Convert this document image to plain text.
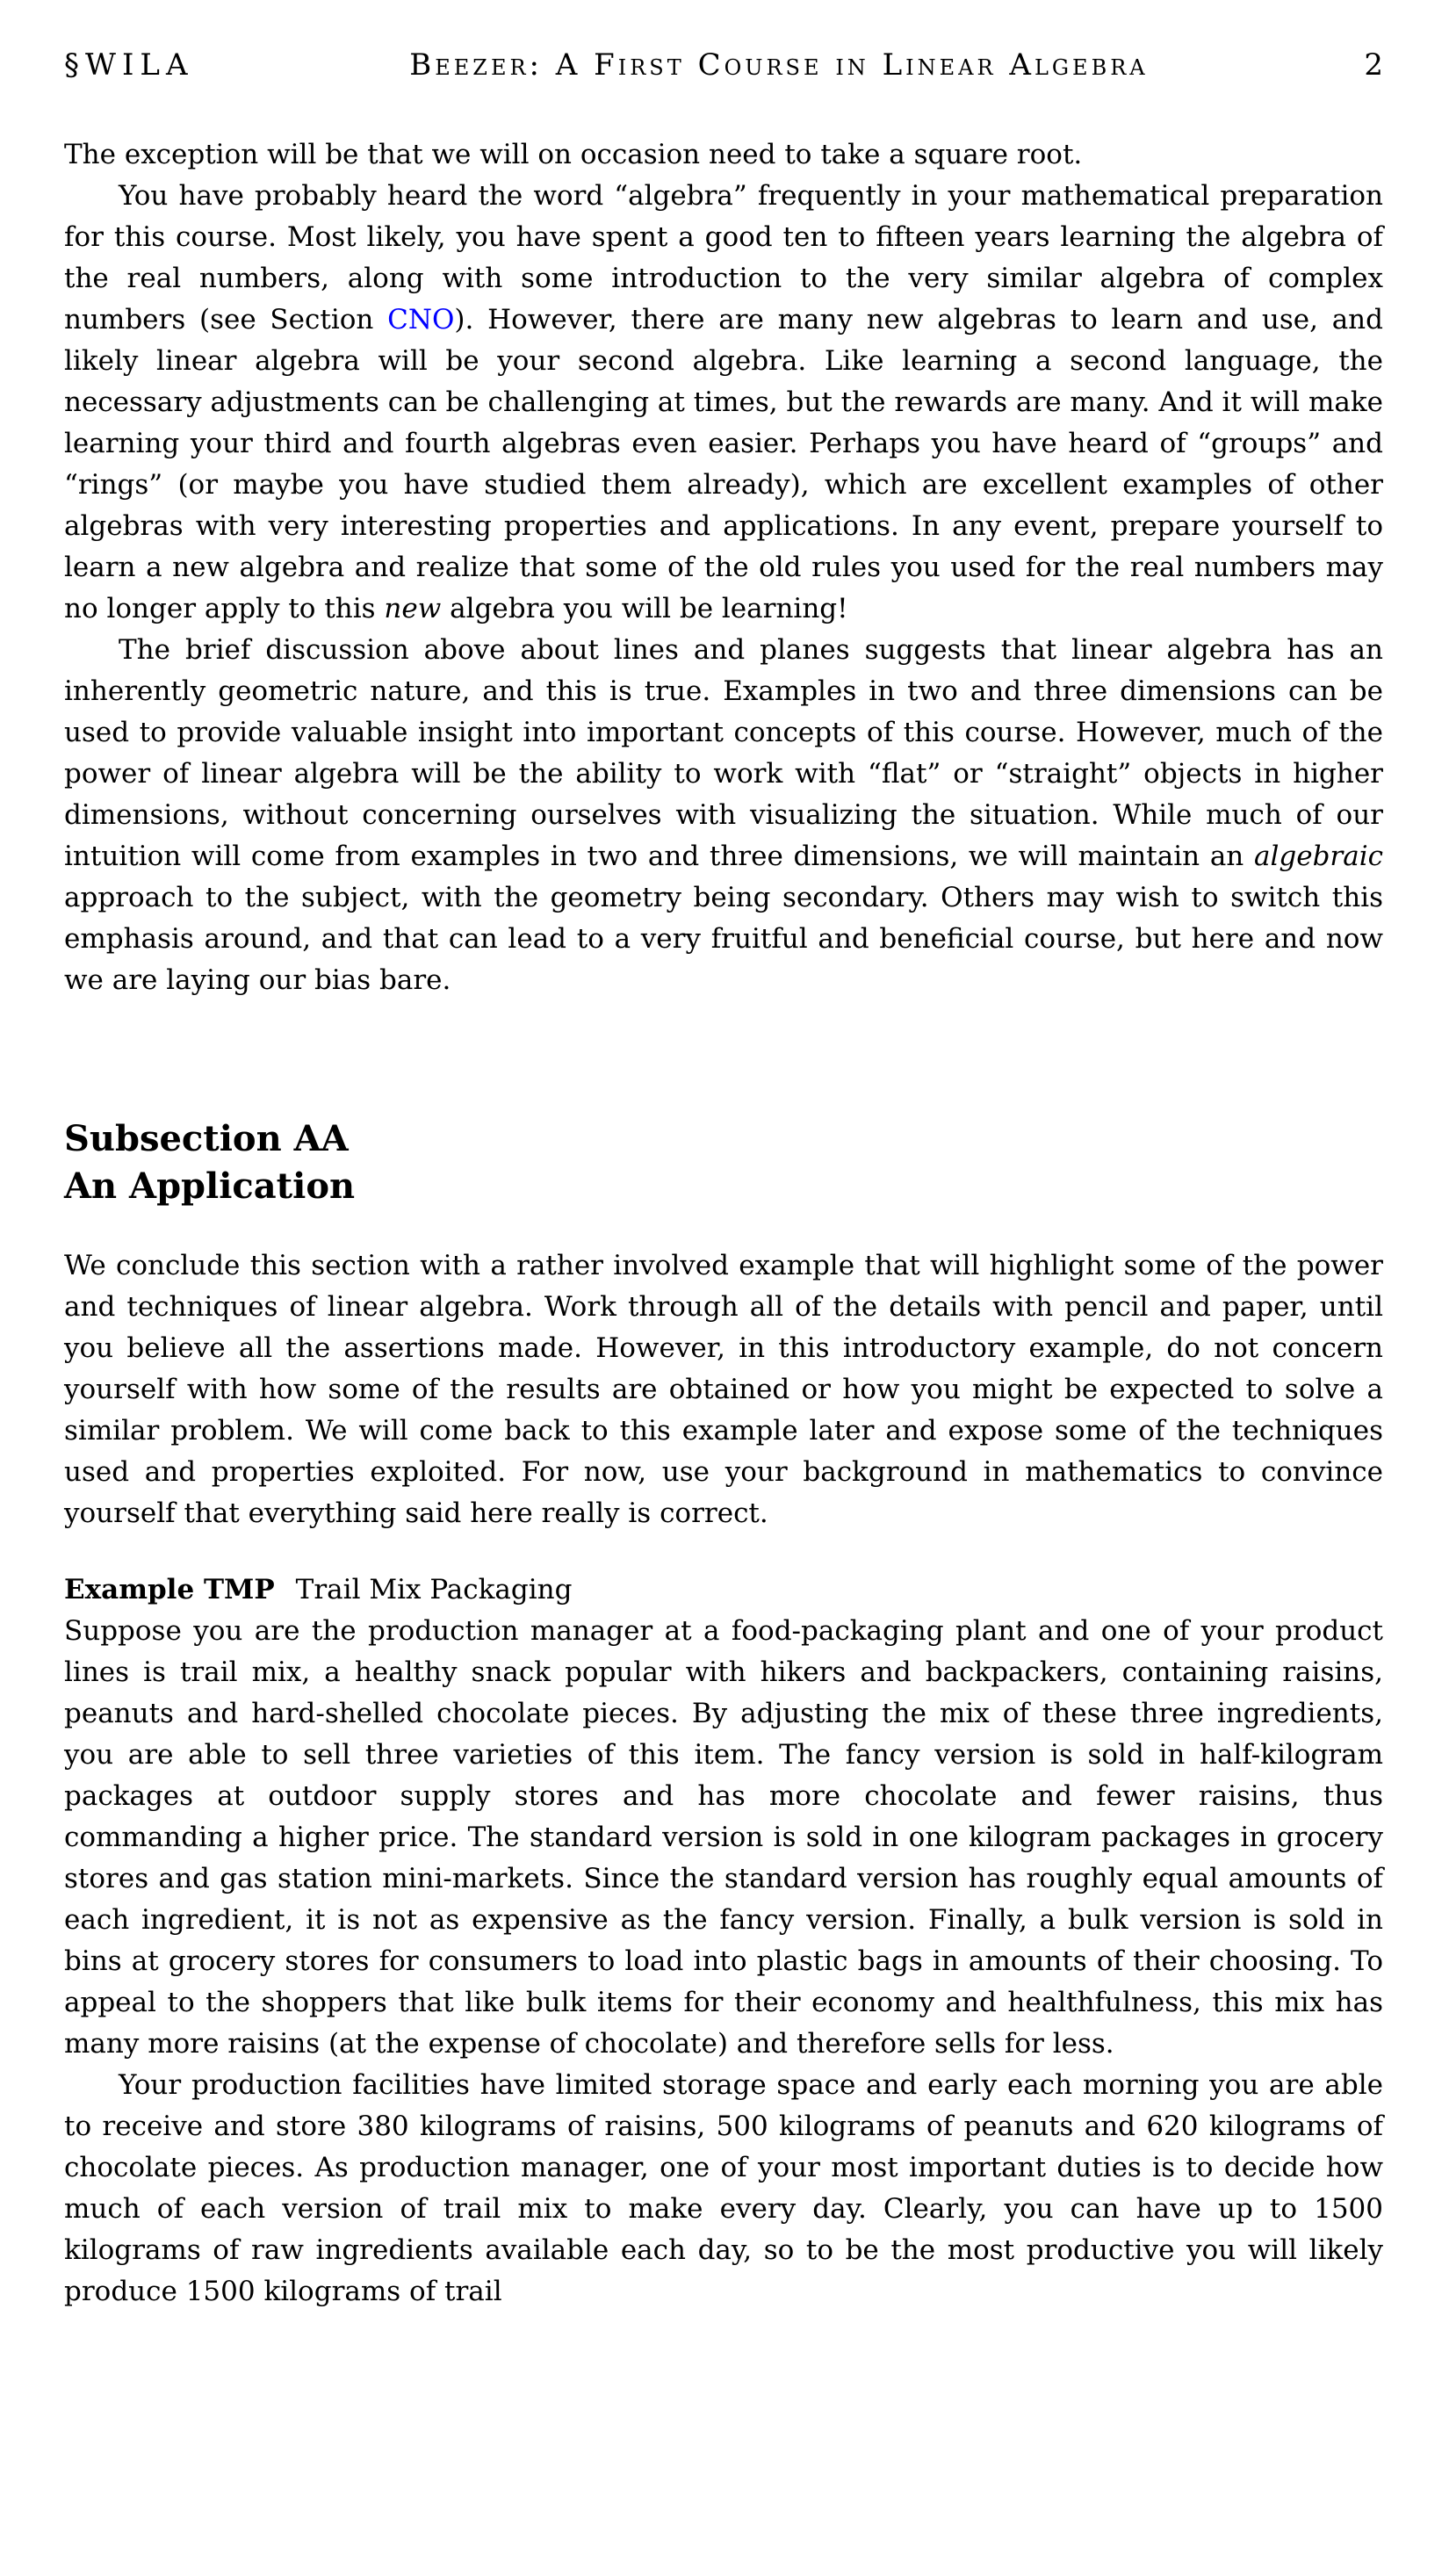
§WILA	Beezer: A First Course in Linear Algebra	2

The exception will be that we will on occasion need to take a square root.

You have probably heard the word “algebra” frequently in your mathematical preparation for this course. Most likely, you have spent a good ten to fifteen years learning the algebra of the real numbers, along with some introduction to the very similar algebra of complex numbers (see Section CNO). However, there are many new algebras to learn and use, and likely linear algebra will be your second algebra. Like learning a second language, the necessary adjustments can be challenging at times, but the rewards are many. And it will make learning your third and fourth algebras even easier. Perhaps you have heard of “groups” and “rings” (or maybe you have studied them already), which are excellent examples of other algebras with very interesting properties and applications. In any event, prepare yourself to learn a new algebra and realize that some of the old rules you used for the real numbers may no longer apply to this new algebra you will be learning!

The brief discussion above about lines and planes suggests that linear algebra has an inherently geometric nature, and this is true. Examples in two and three dimensions can be used to provide valuable insight into important concepts of this course. However, much of the power of linear algebra will be the ability to work with “flat” or “straight” objects in higher dimensions, without concerning ourselves with visualizing the situation. While much of our intuition will come from examples in two and three dimensions, we will maintain an algebraic approach to the subject, with the geometry being secondary. Others may wish to switch this emphasis around, and that can lead to a very fruitful and beneficial course, but here and now we are laying our bias bare.

Subsection AA
An Application

We conclude this section with a rather involved example that will highlight some of the power and techniques of linear algebra. Work through all of the details with pencil and paper, until you believe all the assertions made. However, in this introductory example, do not concern yourself with how some of the results are obtained or how you might be expected to solve a similar problem. We will come back to this example later and expose some of the techniques used and properties exploited. For now, use your background in mathematics to convince yourself that everything said here really is correct.

Example TMP Trail Mix Packaging

Suppose you are the production manager at a food-packaging plant and one of your product lines is trail mix, a healthy snack popular with hikers and backpackers, containing raisins, peanuts and hard-shelled chocolate pieces. By adjusting the mix of these three ingredients, you are able to sell three varieties of this item. The fancy version is sold in half-kilogram packages at outdoor supply stores and has more chocolate and fewer raisins, thus commanding a higher price. The standard version is sold in one kilogram packages in grocery stores and gas station mini-markets. Since the standard version has roughly equal amounts of each ingredient, it is not as expensive as the fancy version. Finally, a bulk version is sold in bins at grocery stores for consumers to load into plastic bags in amounts of their choosing. To appeal to the shoppers that like bulk items for their economy and healthfulness, this mix has many more raisins (at the expense of chocolate) and therefore sells for less.

Your production facilities have limited storage space and early each morning you are able to receive and store 380 kilograms of raisins, 500 kilograms of peanuts and 620 kilograms of chocolate pieces. As production manager, one of your most important duties is to decide how much of each version of trail mix to make every day. Clearly, you can have up to 1500 kilograms of raw ingredients available each day, so to be the most productive you will likely produce 1500 kilograms of trail
